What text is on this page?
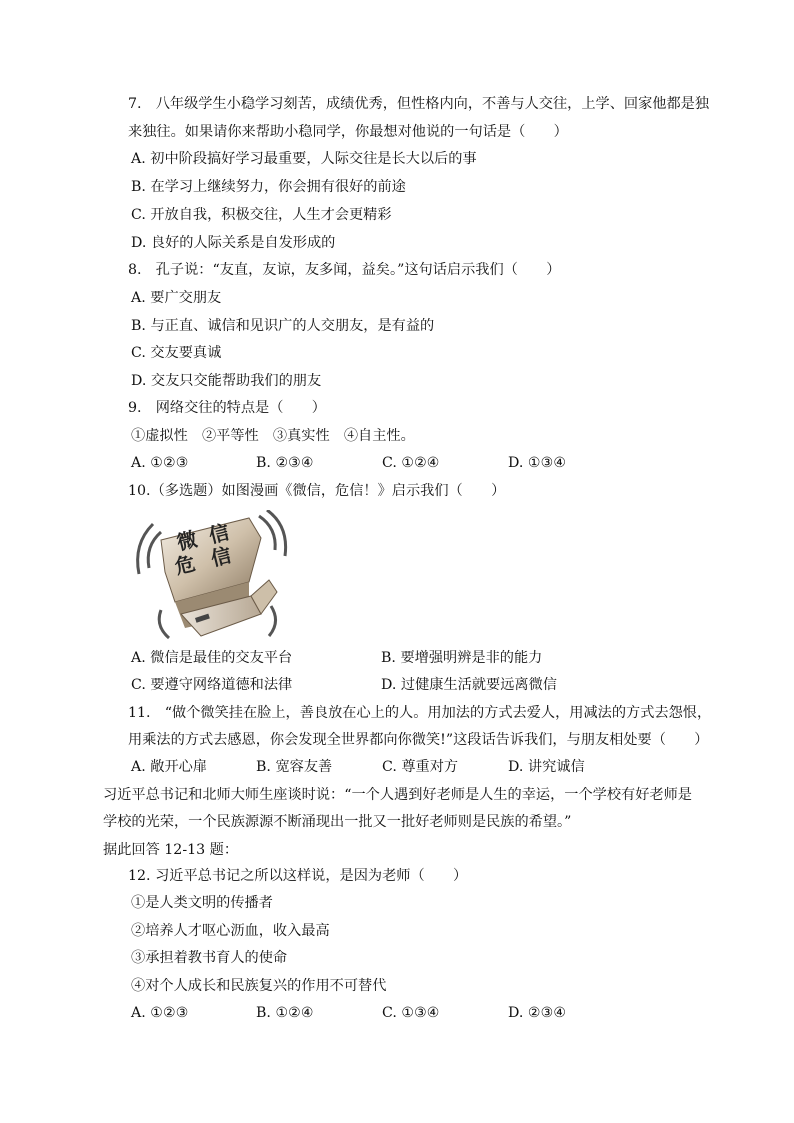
7.　八年级学生小稳学习刻苦，成绩优秀，但性格内向，不善与人交往，上学、回家他都是独
来独往。如果请你来帮助小稳同学，你最想对他说的一句话是（　　）
A. 初中阶段搞好学习最重要，人际交往是长大以后的事
B. 在学习上继续努力，你会拥有很好的前途
C. 开放自我，积极交往，人生才会更精彩
D. 良好的人际关系是自发形成的
8.　孔子说：“友直，友谅，友多闻，益矣。”这句话启示我们（　　）
A. 要广交朋友
B. 与正直、诚信和见识广的人交朋友，是有益的
C. 交友要真诚
D. 交友只交能帮助我们的朋友
9.　网络交往的特点是（　　）
①虚拟性　②平等性　③真实性　④自主性。
A. ①②③	B. ②③④	C. ①②④	D. ①③④
10.（多选题）如图漫画《微信，危信！》启示我们（　　）
微 信
危 信
A. 微信是最佳的交友平台	B. 要增强明辨是非的能力
C. 要遵守网络道德和法律	D. 过健康生活就要远离微信
11.　“做个微笑挂在脸上，善良放在心上的人。用加法的方式去爱人，用减法的方式去怨恨，
用乘法的方式去感恩，你会发现全世界都向你微笑!”这段话告诉我们，与朋友相处要（　　）
A. 敞开心扉	B. 宽容友善	C. 尊重对方	D. 讲究诚信
习近平总书记和北师大师生座谈时说：“一个人遇到好老师是人生的幸运，一个学校有好老师是
学校的光荣，一个民族源源不断涌现出一批又一批好老师则是民族的希望。”
据此回答 12-13 题：
12. 习近平总书记之所以这样说，是因为老师（　　）
①是人类文明的传播者
②培养人才呕心沥血，收入最高
③承担着教书育人的使命
④对个人成长和民族复兴的作用不可替代
A. ①②③	B. ①②④	C. ①③④	D. ②③④
